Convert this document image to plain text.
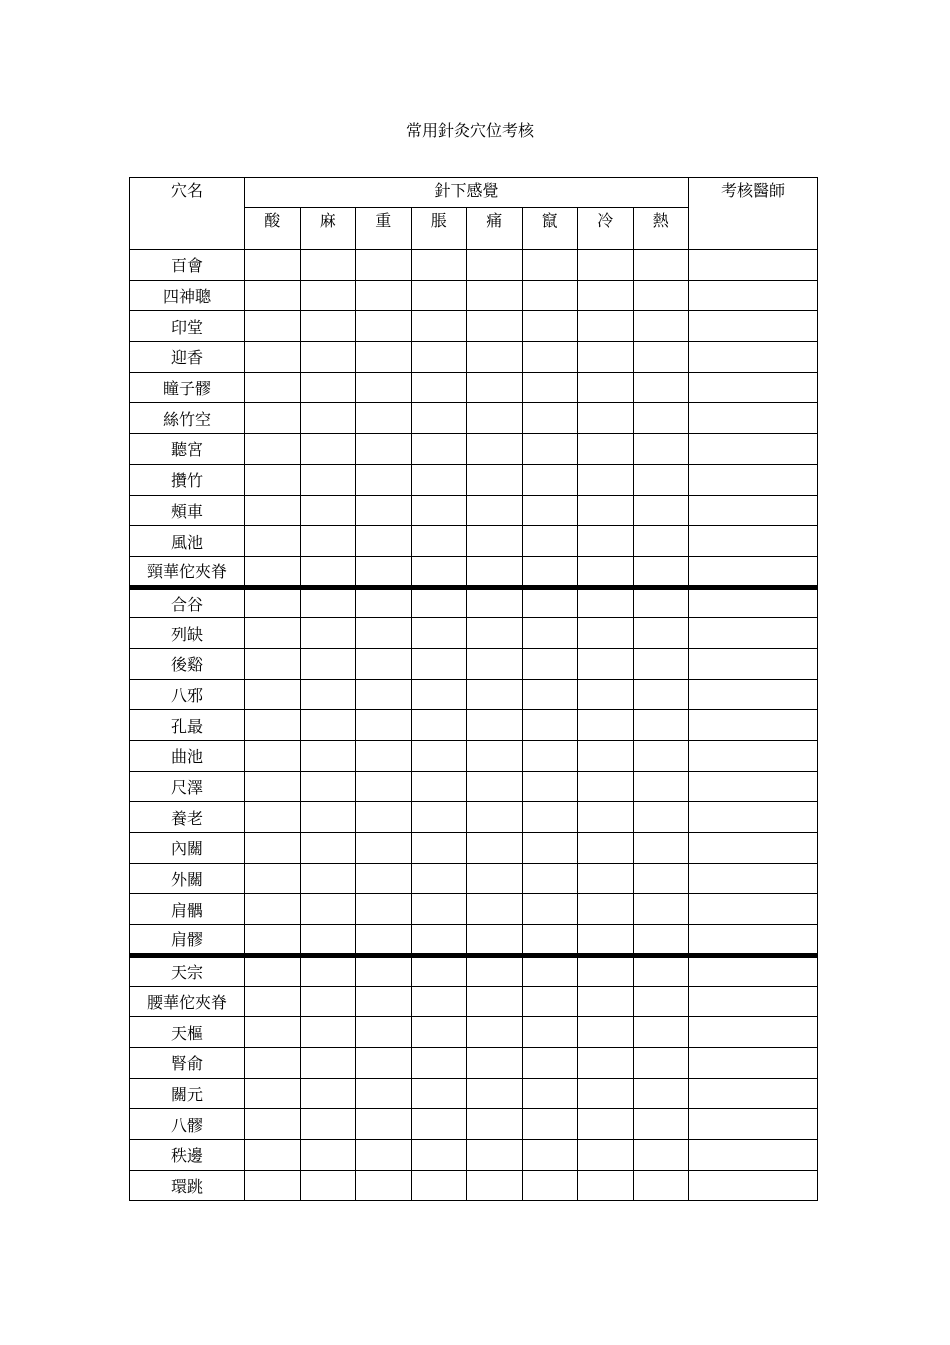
常用針灸穴位考核
穴名	針下感覺								考核醫師
	酸	麻	重	脹	痛	竄	冷	熱	
百會									
四神聰									
印堂									
迎香									
瞳子髎									
絲竹空									
聽宮									
攢竹									
頰車									
風池									
頸華佗夾脊									
合谷									
列缺									
後谿									
八邪									
孔最									
曲池									
尺澤									
養老									
內關									
外關									
肩髃									
肩髎									
天宗									
腰華佗夾脊									
天樞									
腎俞									
關元									
八髎									
秩邊									
環跳									
